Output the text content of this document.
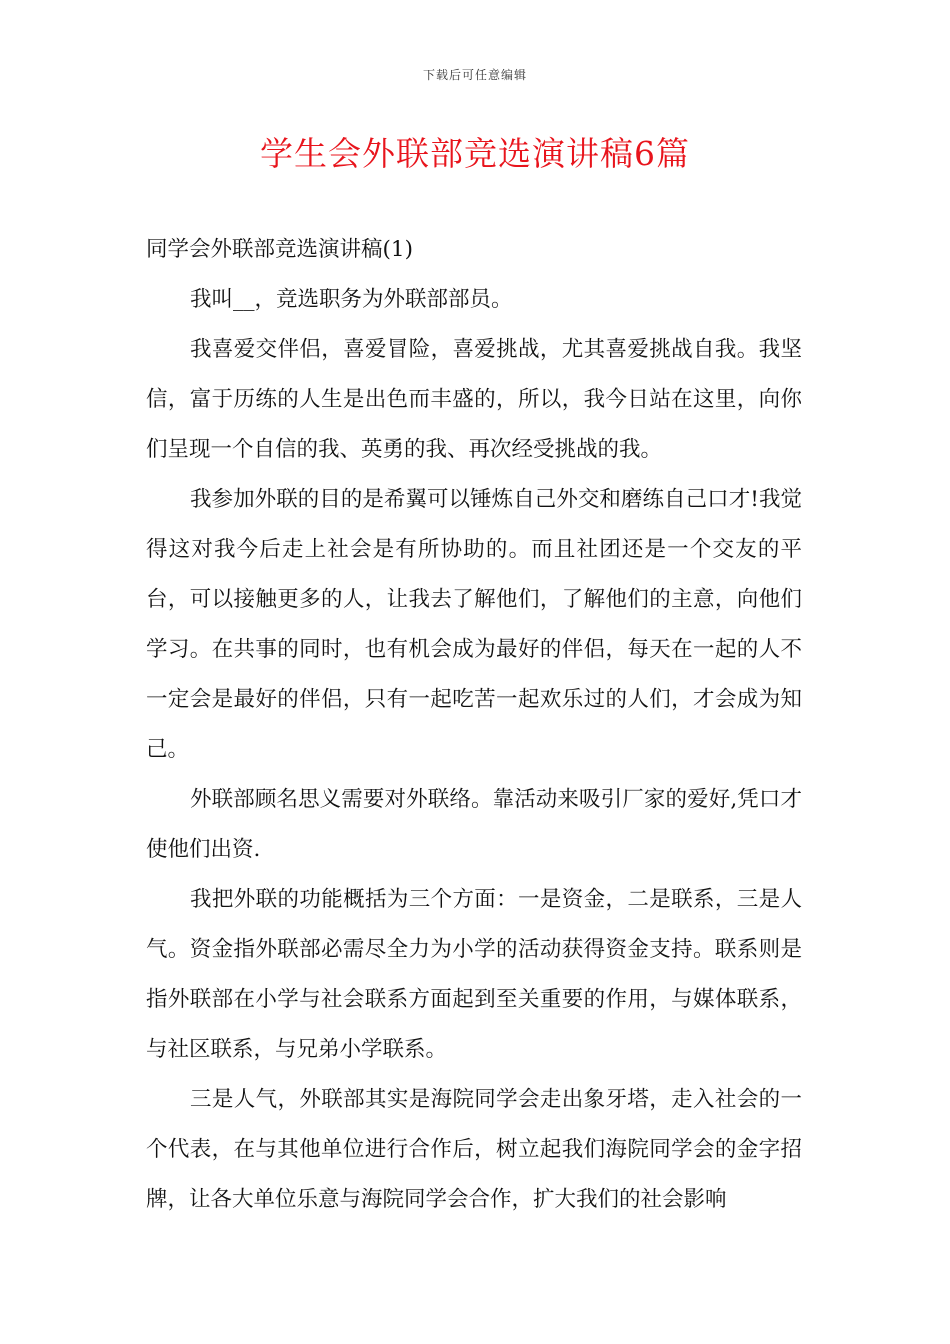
下载后可任意编辑
学生会外联部竞选演讲稿6篇

同学会外联部竞选演讲稿(1)

我叫__，竞选职务为外联部部员。

我喜爱交伴侣，喜爱冒险，喜爱挑战，尤其喜爱挑战自我。我坚信，富于历练的人生是出色而丰盛的，所以，我今日站在这里，向你们呈现一个自信的我、英勇的我、再次经受挑战的我。

我参加外联的目的是希翼可以锤炼自己外交和磨练自己口才!我觉得这对我今后走上社会是有所协助的。而且社团还是一个交友的平台，可以接触更多的人，让我去了解他们，了解他们的主意，向他们学习。在共事的同时，也有机会成为最好的伴侣，每天在一起的人不一定会是最好的伴侣，只有一起吃苦一起欢乐过的人们，才会成为知己。

外联部顾名思义需要对外联络。靠活动来吸引厂家的爱好,凭口才使他们出资.

我把外联的功能概括为三个方面：一是资金，二是联系，三是人气。资金指外联部必需尽全力为小学的活动获得资金支持。联系则是指外联部在小学与社会联系方面起到至关重要的作用，与媒体联系，与社区联系，与兄弟小学联系。

三是人气，外联部其实是海院同学会走出象牙塔，走入社会的一个代表，在与其他单位进行合作后，树立起我们海院同学会的金字招牌，让各大单位乐意与海院同学会合作，扩大我们的社会影响
